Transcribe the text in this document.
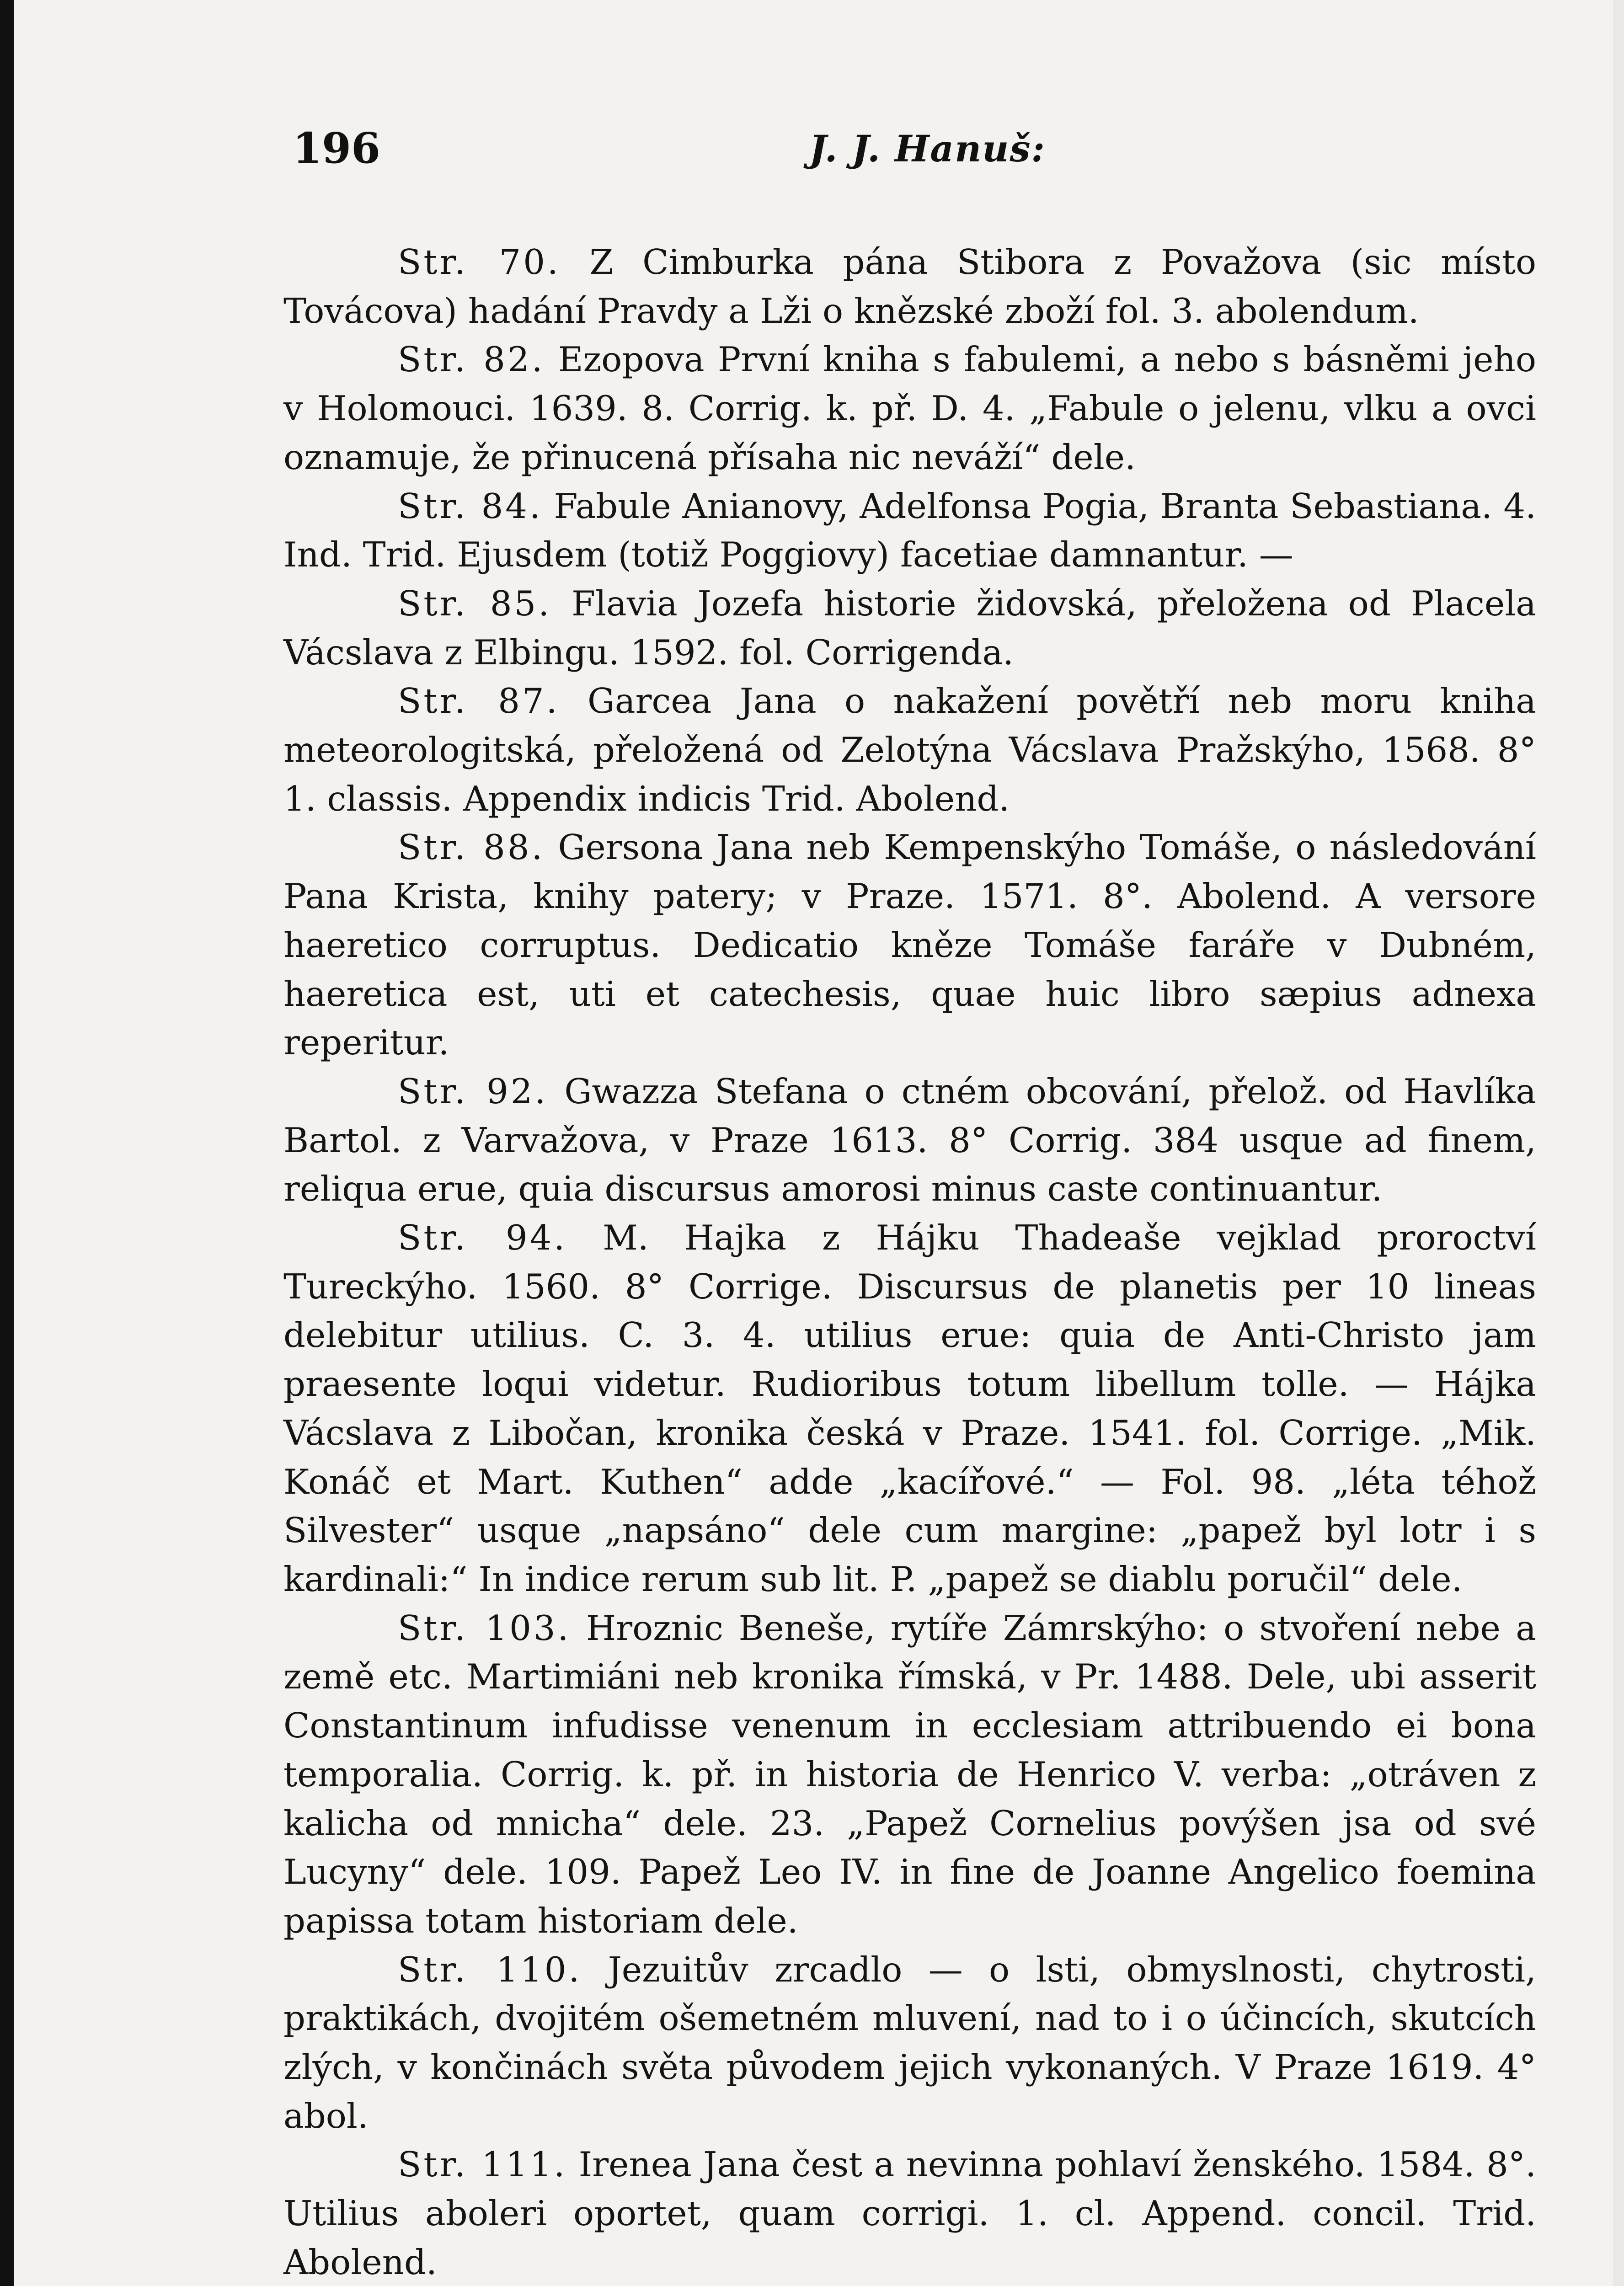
196	J. J. Hanuš:

Str. 70. Z Cimburka pána Stibora z Považova (sic místo Továcova) hadání Pravdy a Lži o knězské zboží fol. 3. abolendum.

Str. 82. Ezopova První kniha s fabulemi, a nebo s básněmi jeho v Holomouci. 1639. 8. Corrig. k. př. D. 4. „Fabule o jelenu, vlku a ovci oznamuje, že přinucená přísaha nic neváží“ dele.

Str. 84. Fabule Anianovy, Adelfonsa Pogia, Branta Sebastiana. 4. Ind. Trid. Ejusdem (totiž Poggiovy) facetiae damnantur. —

Str. 85. Flavia Jozefa historie židovská, přeložena od Placela Vácslava z Elbingu. 1592. fol. Corrigenda.

Str. 87. Garcea Jana o nakažení povětří neb moru kniha meteorologitská, přeložená od Zelotýna Vácslava Pražskýho, 1568. 8° 1. classis. Appendix indicis Trid. Abolend.

Str. 88. Gersona Jana neb Kempenskýho Tomáše, o následování Pana Krista, knihy patery; v Praze. 1571. 8°. Abolend. A versore haeretico corruptus. Dedicatio kněze Tomáše faráře v Dubném, haeretica est, uti et catechesis, quae huic libro sæpius adnexa reperitur.

Str. 92. Gwazza Stefana o ctném obcování, přelož. od Havlíka Bartol. z Varvažova, v Praze 1613. 8° Corrig. 384 usque ad finem, reliqua erue, quia discursus amorosi minus caste continuantur.

Str. 94. M. Hajka z Hájku Thadeaše vejklad proroctví Tureckýho. 1560. 8° Corrige. Discursus de planetis per 10 lineas delebitur utilius. C. 3. 4. utilius erue: quia de Anti-Christo jam praesente loqui videtur. Rudioribus totum libellum tolle. — Hájka Vácslava z Libočan, kronika česká v Praze. 1541. fol. Corrige. „Mik. Konáč et Mart. Kuthen“ adde „kacířové.“ — Fol. 98. „léta téhož Silvester“ usque „napsáno“ dele cum margine: „papež byl lotr i s kardinali:“ In indice rerum sub lit. P. „papež se diablu poručil“ dele.

Str. 103. Hroznic Beneše, rytíře Zámrskýho: o stvoření nebe a země etc. Martimiáni neb kronika římská, v Pr. 1488. Dele, ubi asserit Constantinum infudisse venenum in ecclesiam attribuendo ei bona temporalia. Corrig. k. př. in historia de Henrico V. verba: „otráven z kalicha od mnicha“ dele. 23. „Papež Cornelius povýšen jsa od své Lucyny“ dele. 109. Papež Leo IV. in fine de Joanne Angelico foemina papissa totam historiam dele.

Str. 110. Jezuitův zrcadlo — o lsti, obmyslnosti, chytrosti, praktikách, dvojitém ošemetném mluvení, nad to i o účincích, skutcích zlých, v končinách světa původem jejich vykonaných. V Praze 1619. 4° abol.

Str. 111. Irenea Jana čest a nevinna pohlaví ženského. 1584. 8°. Utilius aboleri oportet, quam corrigi. 1. cl. Append. concil. Trid. Abolend.
